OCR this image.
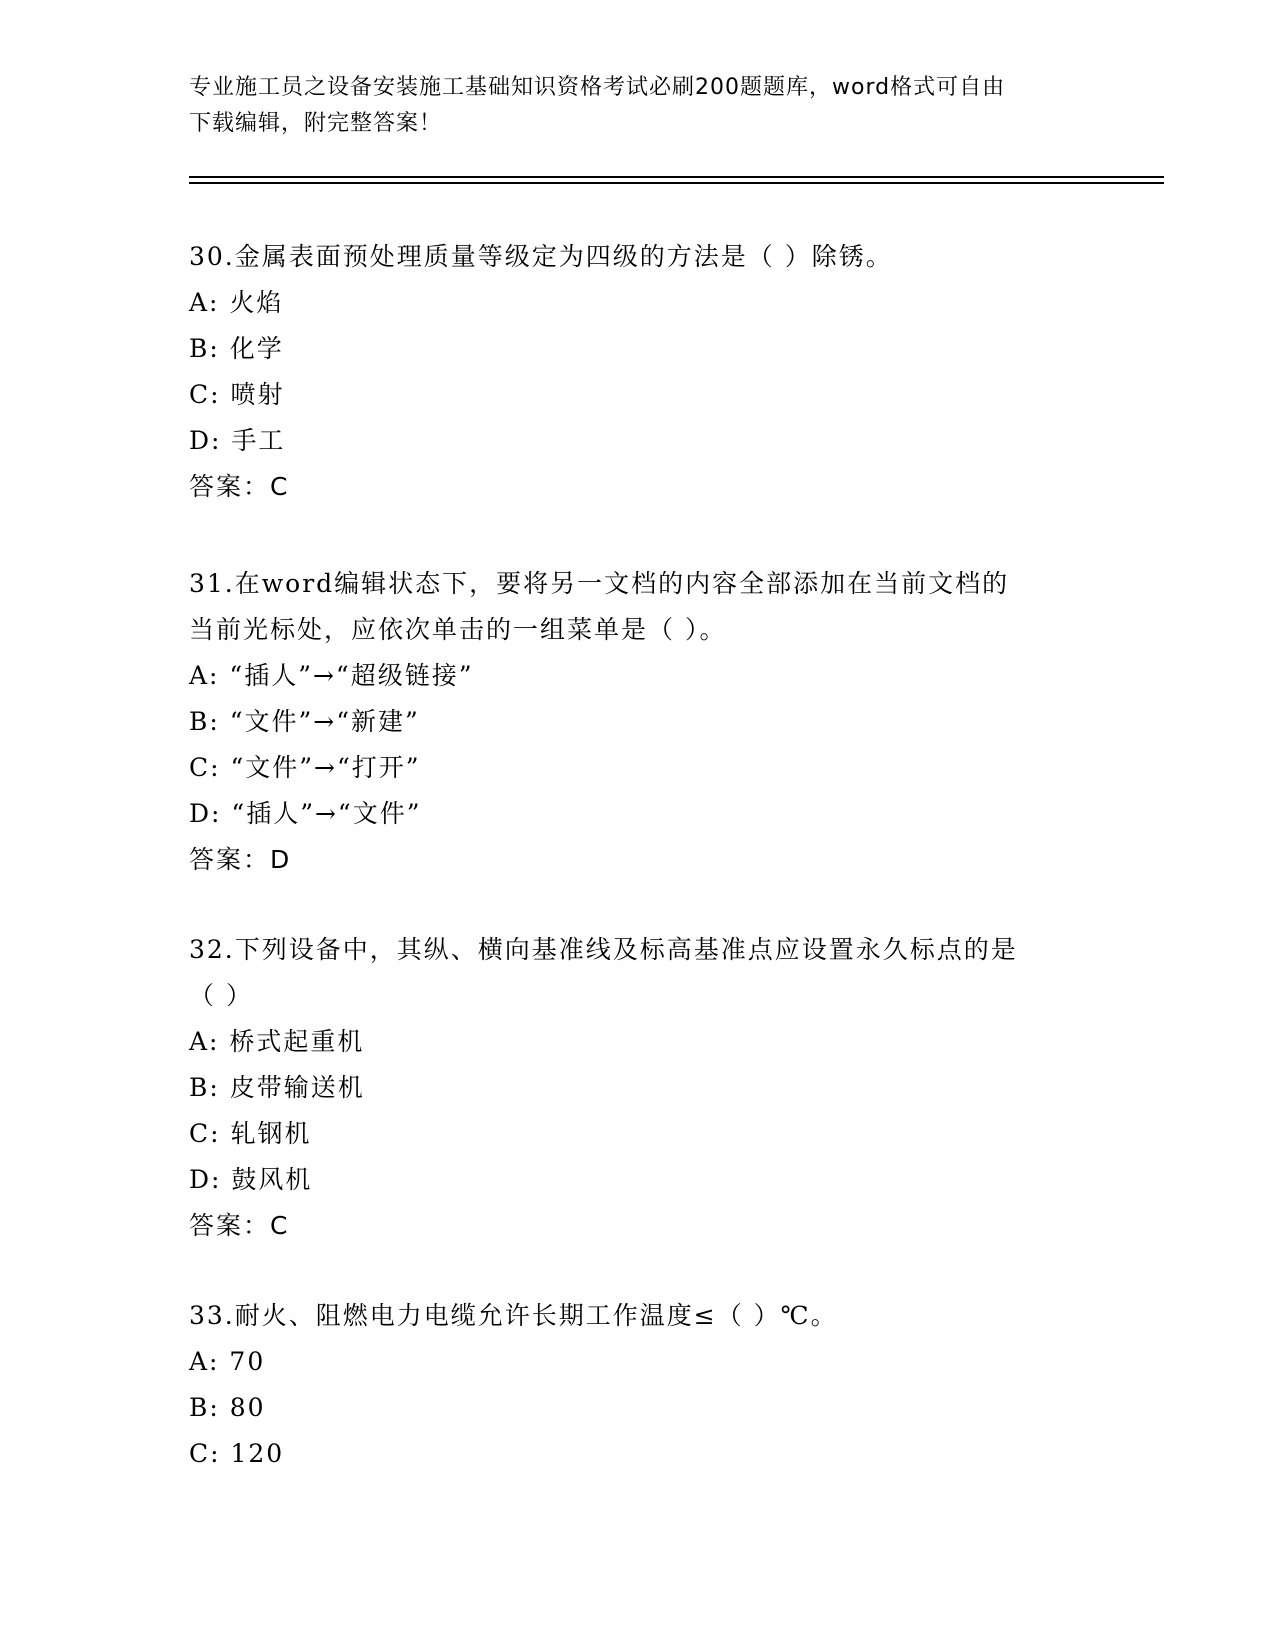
专业施工员之设备安装施工基础知识资格考试必刷200题题库，word格式可自由
下载编辑，附完整答案！
30.金属表面预处理质量等级定为四级的方法是（ ）除锈。
A: 火焰
B: 化学
C: 喷射
D: 手工
答案：C
31.在word编辑状态下，要将另一文档的内容全部添加在当前文档的
当前光标处，应依次单击的一组菜单是（ ）。
A: “插人”→“超级链接”
B: “文件”→“新建”
C: “文件”→“打开”
D: “插人”→“文件”
答案：D
32.下列设备中，其纵、横向基准线及标高基准点应设置永久标点的是
（ ）
A: 桥式起重机
B: 皮带输送机
C: 轧钢机
D: 鼓风机
答案：C
33.耐火、阻燃电力电缆允许长期工作温度≤（ ）℃。
A: 70
B: 80
C: 120
